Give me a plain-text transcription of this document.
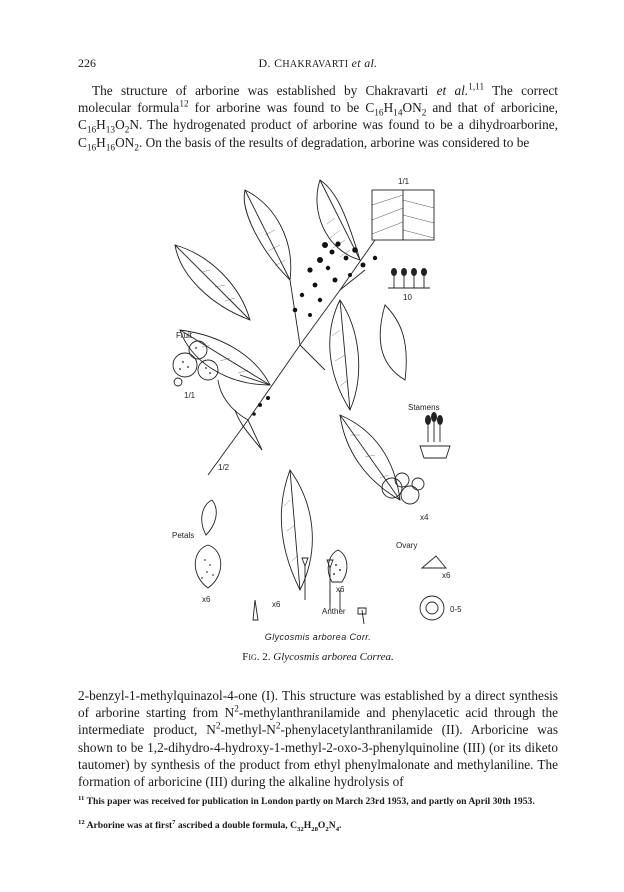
226	D. CHAKRAVARTI et al.

The structure of arborine was established by Chakravarti et al.$^{1,11}$ The correct molecular formula$^{12}$ for arborine was found to be $C_{16}H_{14}ON_2$ and that of arboricine, $C_{16}H_{13}O_2N$. The hydrogenated product of arborine was found to be a dihydroarborine, $C_{16}H_{16}ON_2$. On the basis of the results of degradation, arborine was considered to be

1/1
10
Fruit
1/1
Stamens
1/2
x4
Petals
Ovary
x6
x6
x6
x6
Anther	0-5
Glycosmis arborea Corr.
Fig. 2. Glycosmis arborea Correa.

2-benzyl-1-methylquinazol-4-one (I). This structure was established by a direct synthesis of arborine starting from $N^2$-methylanthranilamide and phenylacetic acid through the intermediate product, $N^2-methyl-N^2$-phenylacetylanthranilamide (II). Arboricine was shown to be 1,2-dihydro-4-hydroxy-1-methyl-2-oxo-3-phenylquinoline (III) (or its diketo tautomer) by synthesis of the product from ethyl phenylmalonate and methylaniline. The formation of arboricine (III) during the alkaline hydrolysis of

$^{11}$ This paper was received for publication in London partly on March 23rd 1953, and partly on April 30th 1953.
$^{12}$ Arborine was at first$^7$ ascribed a double formula, $C_{32}H_{28}O_2N_4$.
